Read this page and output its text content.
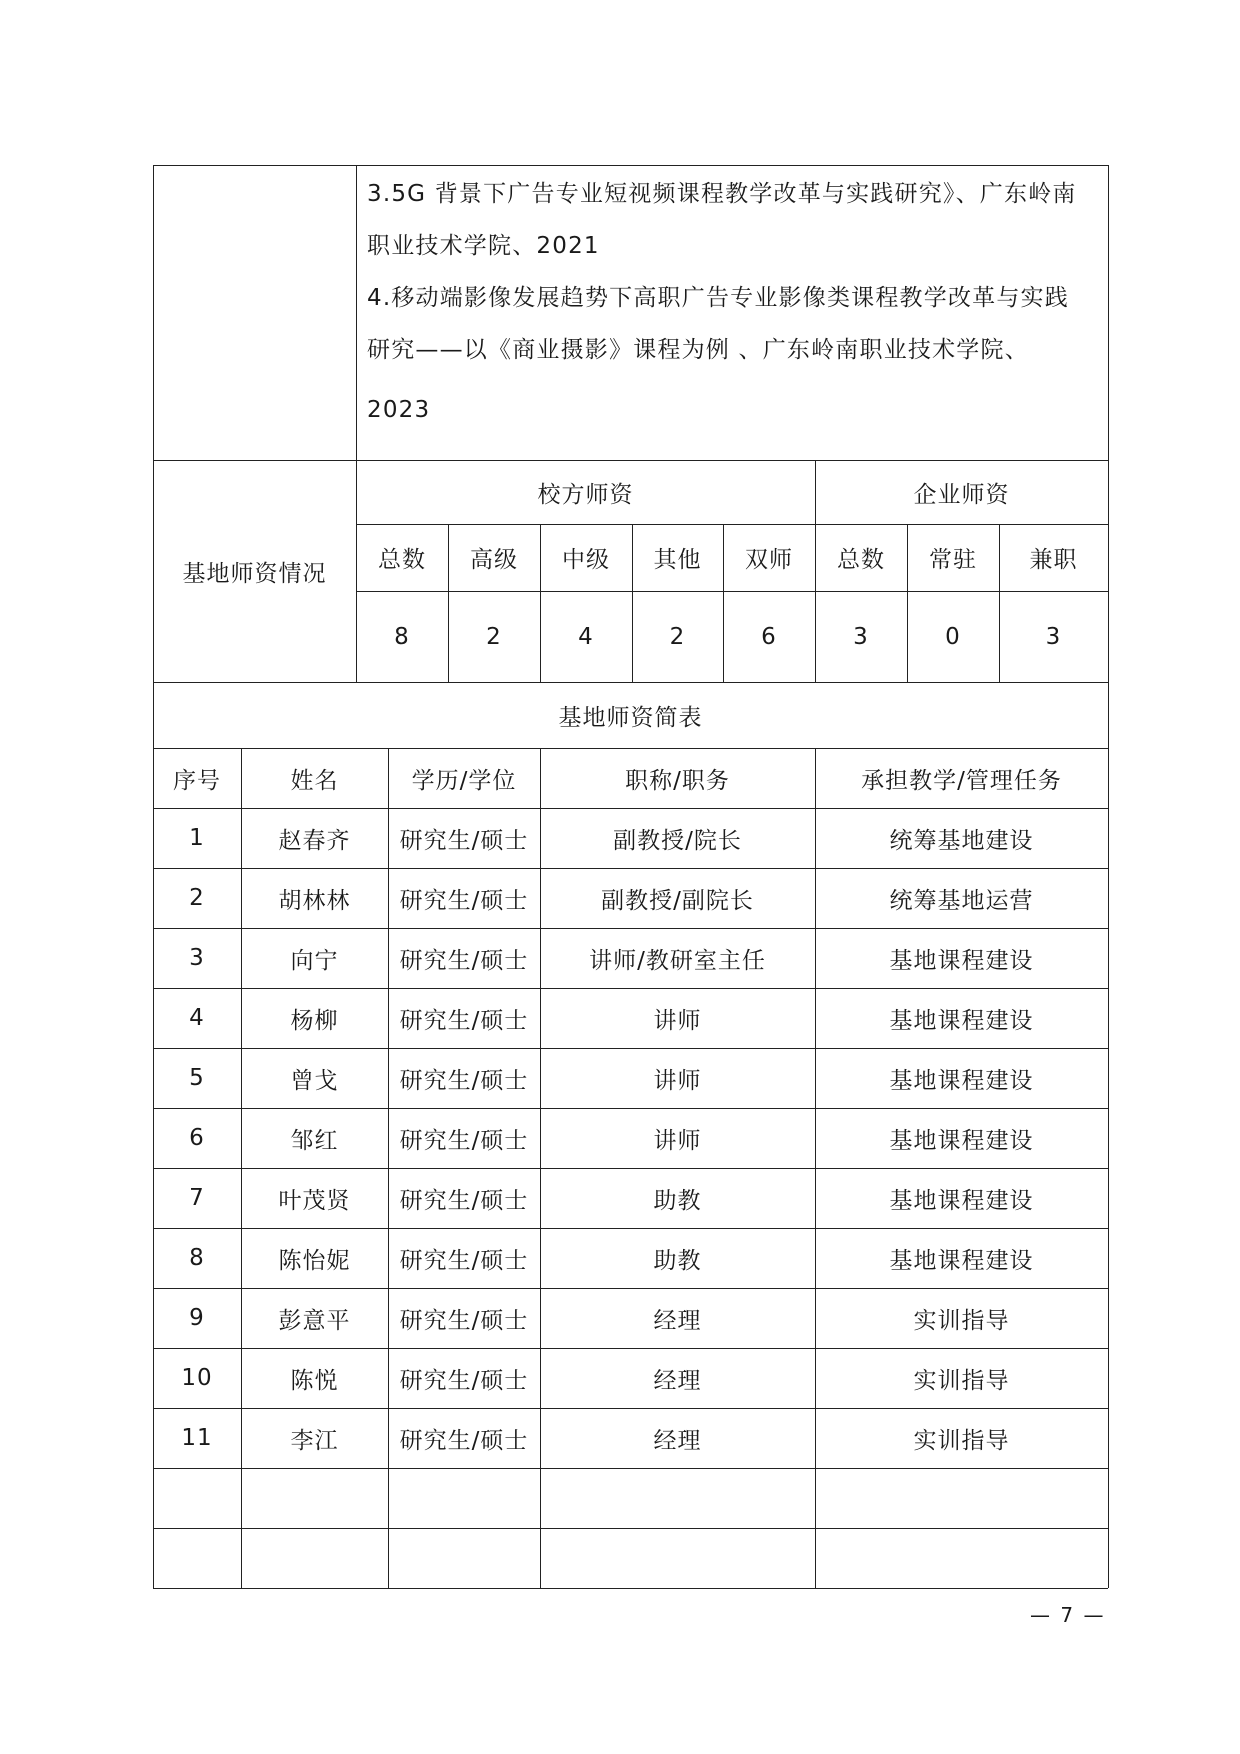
3.5G 背景下广告专业短视频课程教学改革与实践研究》、广东岭南
职业技术学院、2021
4.移动端影像发展趋势下高职广告专业影像类课程教学改革与实践
研究——以《商业摄影》课程为例 、广东岭南职业技术学院、
2023
基地师资情况
校方师资	企业师资
总数	高级	中级	其他	双师	总数	常驻	兼职
8	2	4	2	6	3	0	3
基地师资简表
序号	姓名	学历/学位	职称/职务	承担教学/管理任务
1	赵春齐	研究生/硕士	副教授/院长	统筹基地建设
2	胡林林	研究生/硕士	副教授/副院长	统筹基地运营
3	向宁	研究生/硕士	讲师/教研室主任	基地课程建设
4	杨柳	研究生/硕士	讲师	基地课程建设
5	曾戈	研究生/硕士	讲师	基地课程建设
6	邹红	研究生/硕士	讲师	基地课程建设
7	叶茂贤	研究生/硕士	助教	基地课程建设
8	陈怡妮	研究生/硕士	助教	基地课程建设
9	彭意平	研究生/硕士	经理	实训指导
10	陈悦	研究生/硕士	经理	实训指导
11	李江	研究生/硕士	经理	实训指导
— 7 —
